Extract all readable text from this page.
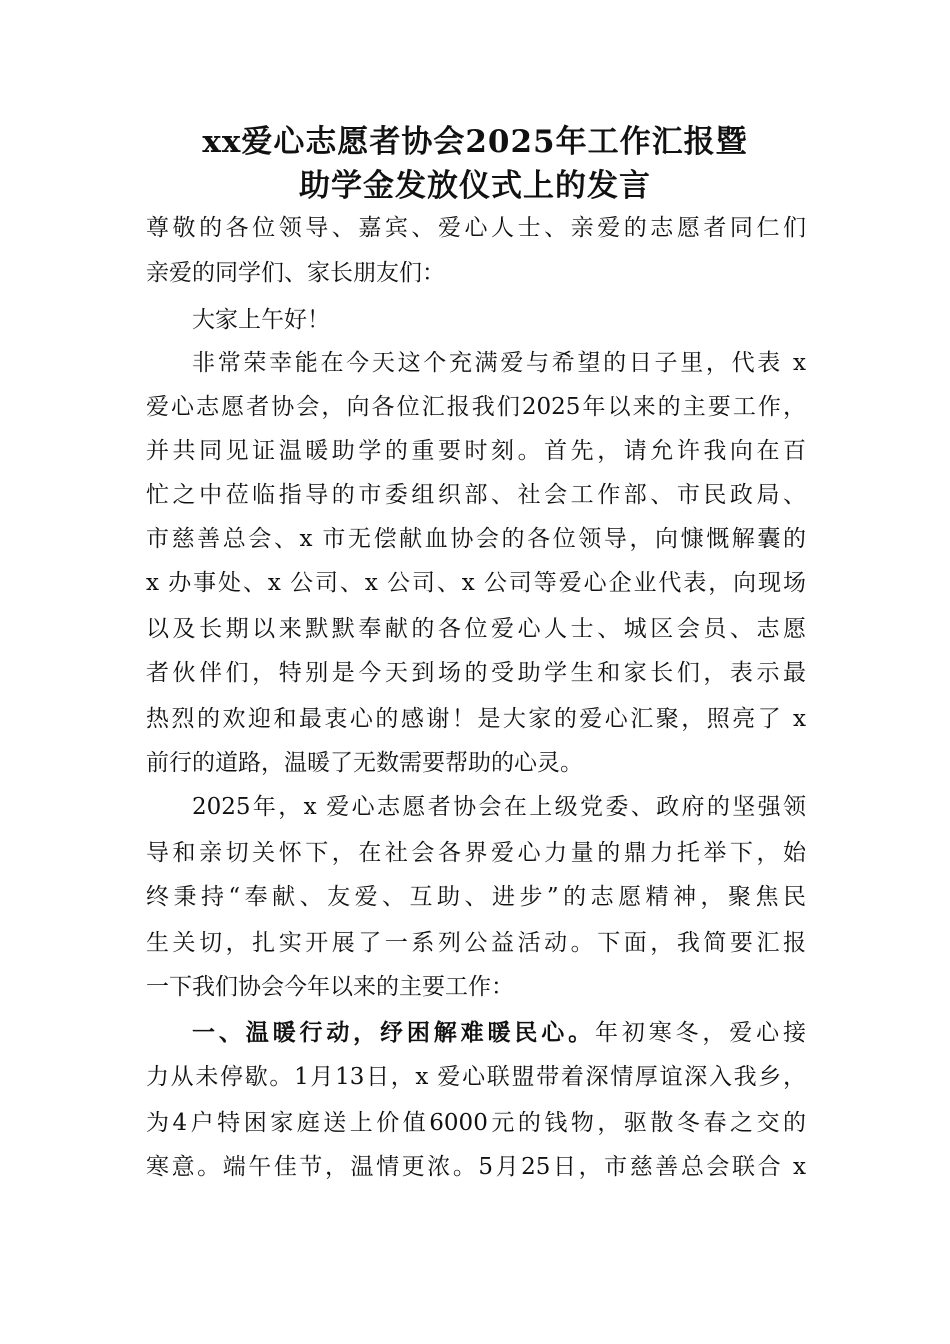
xx爱心志愿者协会2025年工作汇报暨
助学金发放仪式上的发言
尊敬的各位领导、嘉宾、爱心人士、亲爱的志愿者同仁们
亲爱的同学们、家长朋友们：
大家上午好！
非常荣幸能在今天这个充满爱与希望的日子里，代表 x
爱心志愿者协会，向各位汇报我们2025年以来的主要工作，
并共同见证温暖助学的重要时刻。首先，请允许我向在百
忙之中莅临指导的市委组织部、社会工作部、市民政局、
市慈善总会、x 市无偿献血协会的各位领导，向慷慨解囊的
x 办事处、x 公司、x 公司、x 公司等爱心企业代表，向现场
以及长期以来默默奉献的各位爱心人士、城区会员、志愿
者伙伴们，特别是今天到场的受助学生和家长们，表示最
热烈的欢迎和最衷心的感谢！是大家的爱心汇聚，照亮了 x
前行的道路，温暖了无数需要帮助的心灵。
2025年，x 爱心志愿者协会在上级党委、政府的坚强领
导和亲切关怀下，在社会各界爱心力量的鼎力托举下，始
终秉持“奉献、友爱、互助、进步”的志愿精神，聚焦民
生关切，扎实开展了一系列公益活动。下面，我简要汇报
一下我们协会今年以来的主要工作：
一、温暖行动，纾困解难暖民心。年初寒冬，爱心接
力从未停歇。1月13日，x 爱心联盟带着深情厚谊深入我乡，
为4户特困家庭送上价值6000元的钱物，驱散冬春之交的
寒意。端午佳节，温情更浓。5月25日，市慈善总会联合 x
